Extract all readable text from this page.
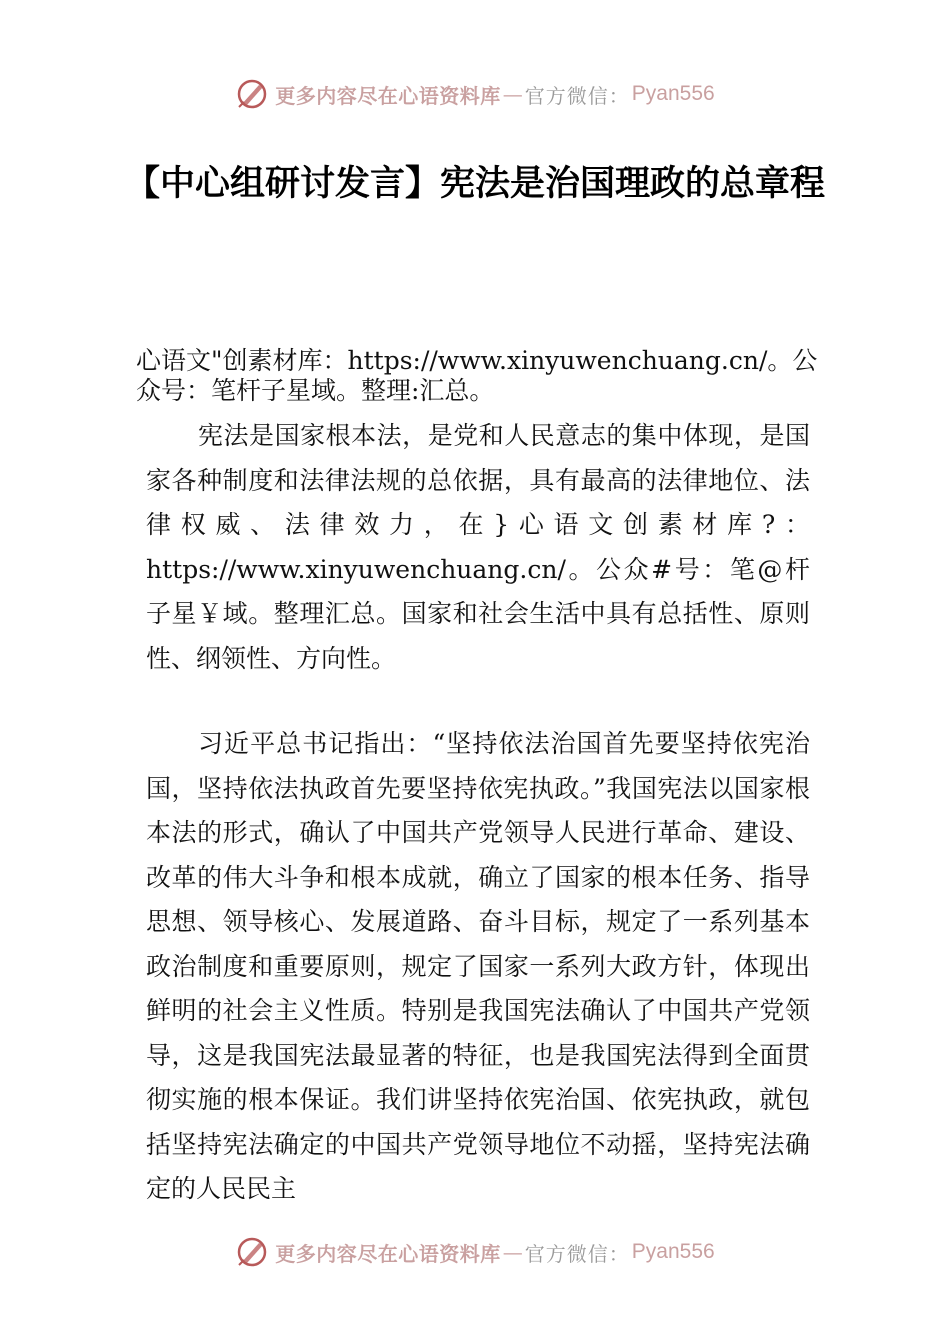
更多内容尽在心语资料库 — 官方微信： Pyan556
【中心组研讨发言】宪法是治国理政的总章程
心语文"创素材库：https://www.xinyuwenchuang.cn/。公众号：笔杆子星域。整理:汇总。

宪法是国家根本法，是党和人民意志的集中体现，是国家各种制度和法律法规的总依据，具有最高的法律地位、法律权威、法律效力，在}心语文创素材库?：https://www.xinyuwenchuang.cn/。公众#号：笔@杆子星￥域。整理汇总。国家和社会生活中具有总括性、原则性、纲领性、方向性。

习近平总书记指出：“坚持依法治国首先要坚持依宪治国，坚持依法执政首先要坚持依宪执政。”我国宪法以国家根本法的形式，确认了中国共产党领导人民进行革命、建设、改革的伟大斗争和根本成就，确立了国家的根本任务、指导思想、领导核心、发展道路、奋斗目标，规定了一系列基本政治制度和重要原则，规定了国家一系列大政方针，体现出鲜明的社会主义性质。特别是我国宪法确认了中国共产党领导，这是我国宪法最显著的特征，也是我国宪法得到全面贯彻实施的根本保证。我们讲坚持依宪治国、依宪执政，就包括坚持宪法确定的中国共产党领导地位不动摇，坚持宪法确定的人民民主

更多内容尽在心语资料库 — 官方微信： Pyan556
